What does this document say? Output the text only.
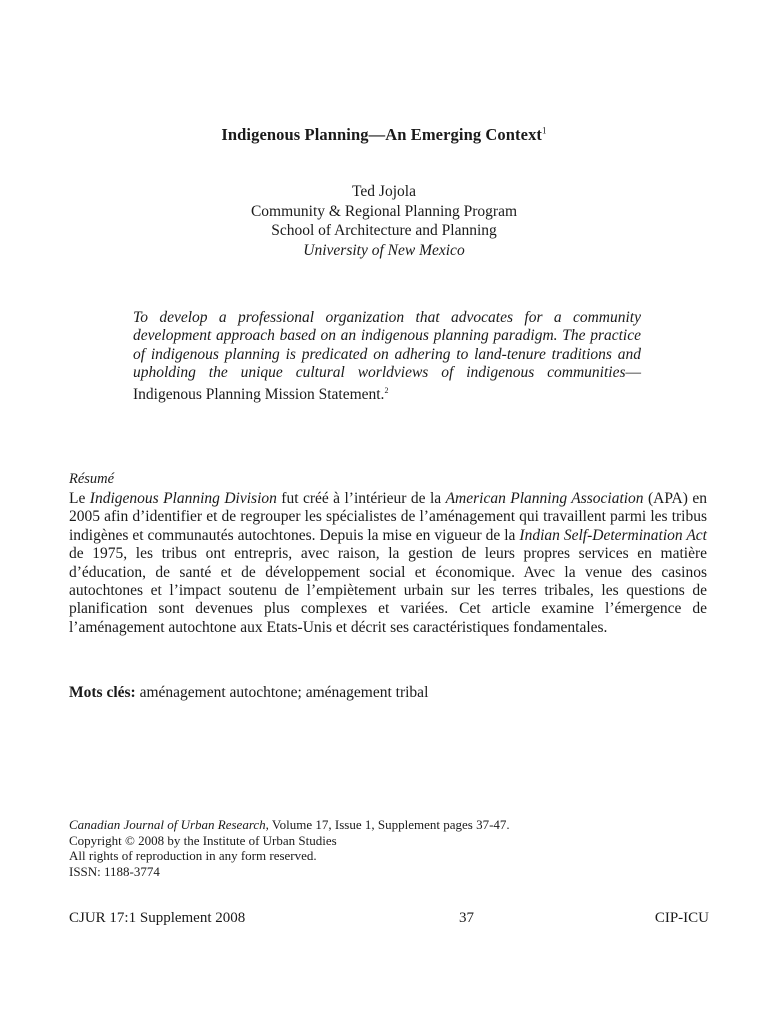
Indigenous Planning—An Emerging Context$^1$
Ted Jojola
Community & Regional Planning Program
School of Architecture and Planning
University of New Mexico
To develop a professional organization that advocates for a community development approach based on an indigenous planning paradigm. The practice of indigenous planning is predicated on adhering to land-tenure traditions and upholding the unique cultural worldviews of indigenous communities—Indigenous Planning Mission Statement.$^2$
Résumé
Le Indigenous Planning Division fut créé à l’intérieur de la American Planning Association (APA) en 2005 afin d’identifier et de regrouper les spécialistes de l’aménagement qui travaillent parmi les tribus indigènes et communautés autochtones. Depuis la mise en vigueur de la Indian Self-Determination Act de 1975, les tribus ont entrepris, avec raison, la gestion de leurs propres services en matière d’éducation, de santé et de développement social et économique. Avec la venue des casinos autochtones et l’impact soutenu de l’empiètement urbain sur les terres tribales, les questions de planification sont devenues plus complexes et variées. Cet article examine l’émergence de l’aménagement autochtone aux Etats-Unis et décrit ses caractéristiques fondamentales.
Mots clés: aménagement autochtone; aménagement tribal
Canadian Journal of Urban Research, Volume 17, Issue 1, Supplement pages 37-47.
Copyright © 2008 by the Institute of Urban Studies
All rights of reproduction in any form reserved.
ISSN: 1188-3774
CJUR 17:1 Supplement 2008	37	CIP-ICU
